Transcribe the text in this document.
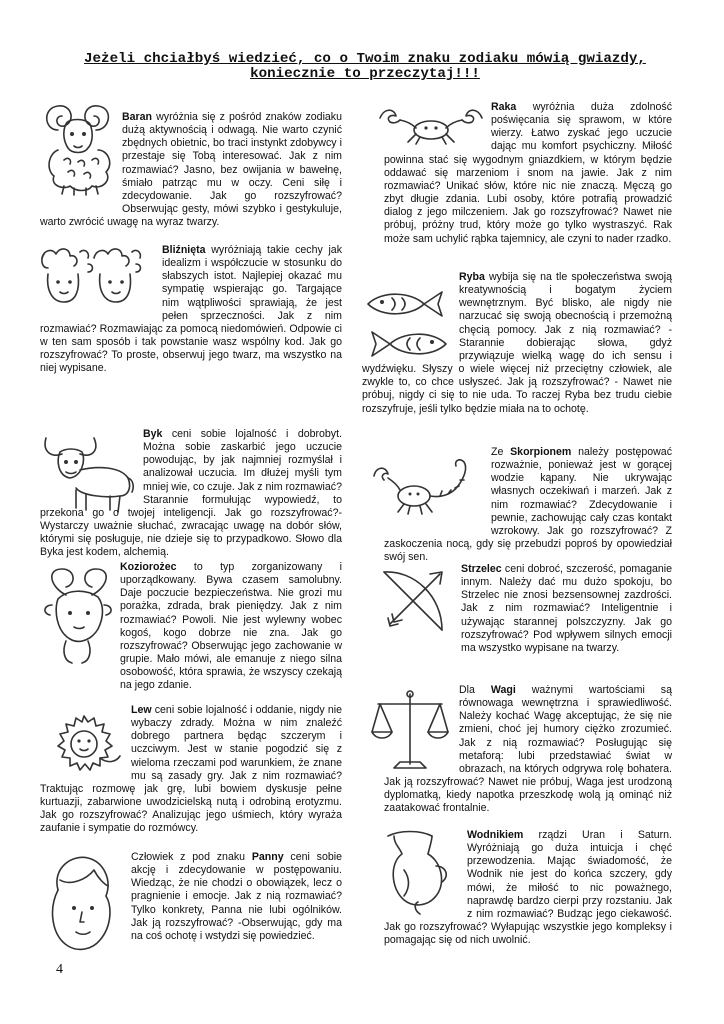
Jeżeli chciałbyś wiedzieć, co o Twoim znaku zodiaku mówią gwiazdy,
koniecznie to przeczytaj!!!
Baran wyróżnia się z pośród znaków zodiaku dużą aktywnością i odwagą. Nie warto czynić zbędnych obietnic, bo traci instynkt zdobywcy i przestaje się Tobą interesować. Jak z nim rozmawiać? Jasno, bez owijania w bawełnę, śmiało patrząc mu w oczy. Ceni siłę i zdecydowanie. Jak go rozszyfrować? Obserwując gesty, mówi szybko i gestykuluje, warto zwrócić uwagę na wyraz twarzy.
Bliźnięta wyróżniają takie cechy jak idealizm i współczucie w stosunku do słabszych istot. Najlepiej okazać mu sympatię wspierając go. Targające nim wątpliwości sprawiają, że jest pełen sprzeczności. Jak z nim rozmawiać? Rozmawiając za pomocą niedomówień. Odpowie ci w ten sam sposób i tak powstanie wasz wspólny kod. Jak go rozszyfrować? To proste, obserwuj jego twarz, ma wszystko na niej wypisane.
Byk ceni sobie lojalność i dobrobyt. Można sobie zaskarbić jego uczucie powodując, by jak najmniej rozmyślał i analizował uczucia. Im dłużej myśli tym mniej wie, co czuje. Jak z nim rozmawiać? Starannie formułując wypowiedź, to przekona go o twojej inteligencji. Jak go rozszyfrować?- Wystarczy uważnie słuchać, zwracając uwagę na dobór słów, którymi się posługuje, nie dzieje się to przypadkowo. Słowo dla Byka jest kodem, alchemią.
Koziorożec to typ zorganizowany i uporządkowany. Bywa czasem samolubny. Daje poczucie bezpieczeństwa. Nie grozi mu porażka, zdrada, brak pieniędzy. Jak z nim rozmawiać? Powoli. Nie jest wylewny wobec kogoś, kogo dobrze nie zna. Jak go rozszyfrować? Obserwując jego zachowanie w grupie. Mało mówi, ale emanuje z niego silna osobowość, która sprawia, że wszyscy czekają na jego zdanie.
Lew ceni sobie lojalność i oddanie, nigdy nie wybaczy zdrady. Można w nim znaleźć dobrego partnera będąc szczerym i uczciwym. Jest w stanie pogodzić się z wieloma rzeczami pod warunkiem, że znane mu są zasady gry. Jak z nim rozmawiać? Traktując rozmowę jak grę, lubi bowiem dyskusje pełne kurtuazji, zabarwione uwodzicielską nutą i odrobiną erotyzmu. Jak go rozszyfrować? Analizując jego uśmiech, który wyraża zaufanie i sympatie do rozmówcy.
Człowiek z pod znaku Panny ceni sobie akcję i zdecydowanie w postępowaniu. Wiedząc, że nie chodzi o obowiązek, lecz o pragnienie i emocje. Jak z nią rozmawiać? Tylko konkrety, Panna nie lubi ogólników. Jak ją rozszyfrować? -Obserwując, gdy ma na coś ochotę i wstydzi się powiedzieć.
Raka wyróżnia duża zdolność poświęcania się sprawom, w które wierzy. Łatwo zyskać jego uczucie dając mu komfort psychiczny. Miłość powinna stać się wygodnym gniazdkiem, w którym będzie oddawać się marzeniom i snom na jawie. Jak z nim rozmawiać? Unikać słów, które nic nie znaczą. Męczą go zbyt długie zdania. Lubi osoby, które potrafią prowadzić dialog z jego milczeniem. Jak go rozszyfrować? Nawet nie próbuj, próżny trud, który może go tylko wystraszyć. Rak może sam uchylić rąbka tajemnicy, ale czyni to nader rzadko.
Ryba wybija się na tle społeczeństwa swoją kreatywnością i bogatym życiem wewnętrznym. Być blisko, ale nigdy nie narzucać się swoją obecnością i przemożną chęcią pomocy. Jak z nią rozmawiać? - Starannie dobierając słowa, gdyż przywiązuje wielką wagę do ich sensu i wydźwięku. Słyszy o wiele więcej niż przeciętny człowiek, ale zwykle to, co chce usłyszeć. Jak ją rozszyfrować? - Nawet nie próbuj, nigdy ci się to nie uda. To raczej Ryba bez trudu ciebie rozszyfruje, jeśli tylko będzie miała na to ochotę.
Ze Skorpionem należy postępować rozważnie, ponieważ jest w gorącej wodzie kąpany. Nie ukrywając własnych oczekiwań i marzeń. Jak z nim rozmawiać? Zdecydowanie i pewnie, zachowując cały czas kontakt wzrokowy. Jak go rozszyfrować? Z zaskoczenia nocą, gdy się przebudzi poproś by opowiedział swój sen.
Strzelec ceni dobroć, szczerość, pomaganie innym. Należy dać mu dużo spokoju, bo Strzelec nie znosi bezsensownej zazdrości. Jak z nim rozmawiać? Inteligentnie i używając starannej polszczyzny. Jak go rozszyfrować? Pod wpływem silnych emocji ma wszystko wypisane na twarzy.
Dla Wagi ważnymi wartościami są równowaga wewnętrzna i sprawiedliwość. Należy kochać Wagę akceptując, że się nie zmieni, choć jej humory ciężko zrozumieć. Jak z nią rozmawiać? Posługując się metaforą: lubi przedstawiać świat w obrazach, na których odgrywa rolę bohatera. Jak ją rozszyfrować? Nawet nie próbuj, Waga jest urodzoną dyplomatką, kiedy napotka przeszkodę wolą ją ominąć niż zaatakować frontalnie.
Wodnikiem rządzi Uran i Saturn. Wyróżniają go duża intuicja i chęć przewodzenia. Mając świadomość, że Wodnik nie jest do końca szczery, gdy mówi, że miłość to nic poważnego, naprawdę bardzo cierpi przy rozstaniu. Jak z nim rozmawiać? Budząc jego ciekawość. Jak go rozszyfrować? Wyłapując wszystkie jego kompleksy i pomagając się od nich uwolnić.
4
